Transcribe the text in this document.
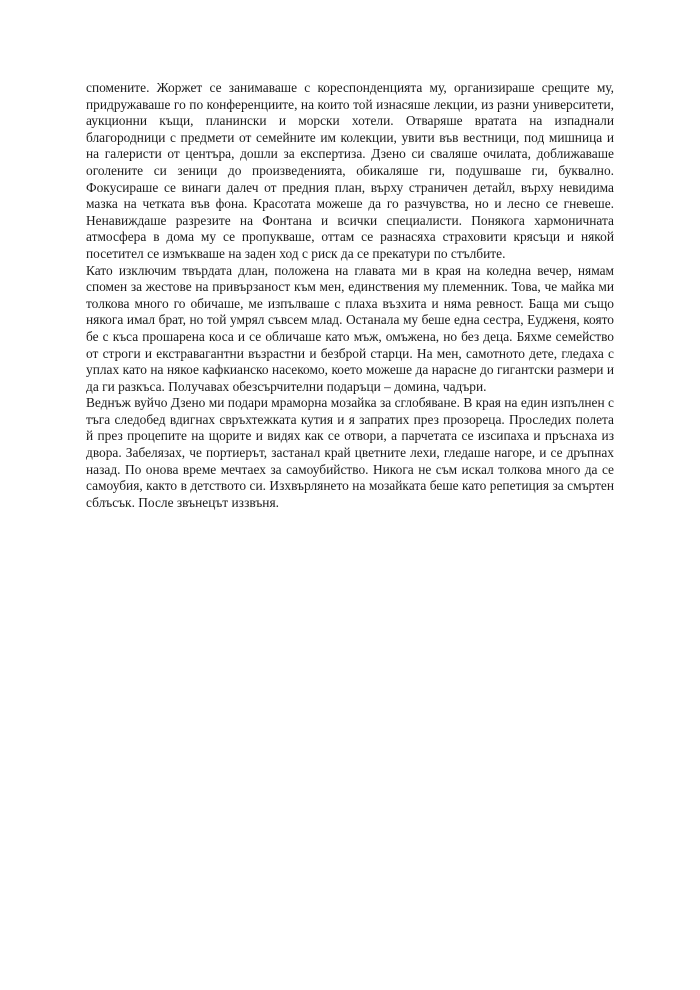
спомените. Жоржет се занимаваше с кореспонденцията му, организираше срещите му, придружаваше го по конференциите, на които той изнасяше лекции, из разни университети, аукционни къщи, планински и морски хотели. Отваряше вратата на изпаднали благородници с предмети от семейните им колекции, увити във вестници, под мишница и на галеристи от центъра, дошли за експертиза. Дзено си сваляше очилата, доближаваше оголените си зеници до произведенията, обикаляше ги, подушваше ги, буквално. Фокусираше се винаги далеч от предния план, върху страничен детайл, върху невидима мазка на четката във фона. Красотата можеше да го разчувства, но и лесно се гневеше. Ненавиждаше разрезите на Фонтана и всички специалисти. Понякога хармоничната атмосфера в дома му се пропукваше, оттам се разнасяха страховити крясъци и някой посетител се измъкваше на заден ход с риск да се прекатури по стълбите.

Като изключим твърдата длан, положена на главата ми в края на коледна вечер, нямам спомен за жестове на привързаност към мен, единствения му племенник. Това, че майка ми толкова много го обичаше, ме изпълваше с плаха възхита и няма ревност. Баща ми също някога имал брат, но той умрял съвсем млад. Останала му беше една сестра, Еудженя, която бе с къса прошарена коса и се обличаше като мъж, омъжена, но без деца. Бяхме семейство от строги и екстравагантни възрастни и безброй старци. На мен, самотното дете, гледаха с уплах като на някое кафкианско насекомо, което можеше да нарасне до гигантски размери и да ги разкъса. Получавах обезсърчителни подаръци – домина, чадъри.

Веднъж вуйчо Дзено ми подари мраморна мозайка за сглобяване. В края на един изпълнен с тъга следобед вдигнах свръхтежката кутия и я запратих през прозореца. Проследих полета й през процепите на щорите и видях как се отвори, а парчетата се изсипаха и пръснаха из двора. Забелязах, че портиерът, застанал край цветните лехи, гледаше нагоре, и се дръпнах назад. По онова време мечтаех за самоубийство. Никога не съм искал толкова много да се самоубия, както в детството си. Изхвърлянето на мозайката беше като репетиция за смъртен сблъсък. После звънецът иззвъня.
